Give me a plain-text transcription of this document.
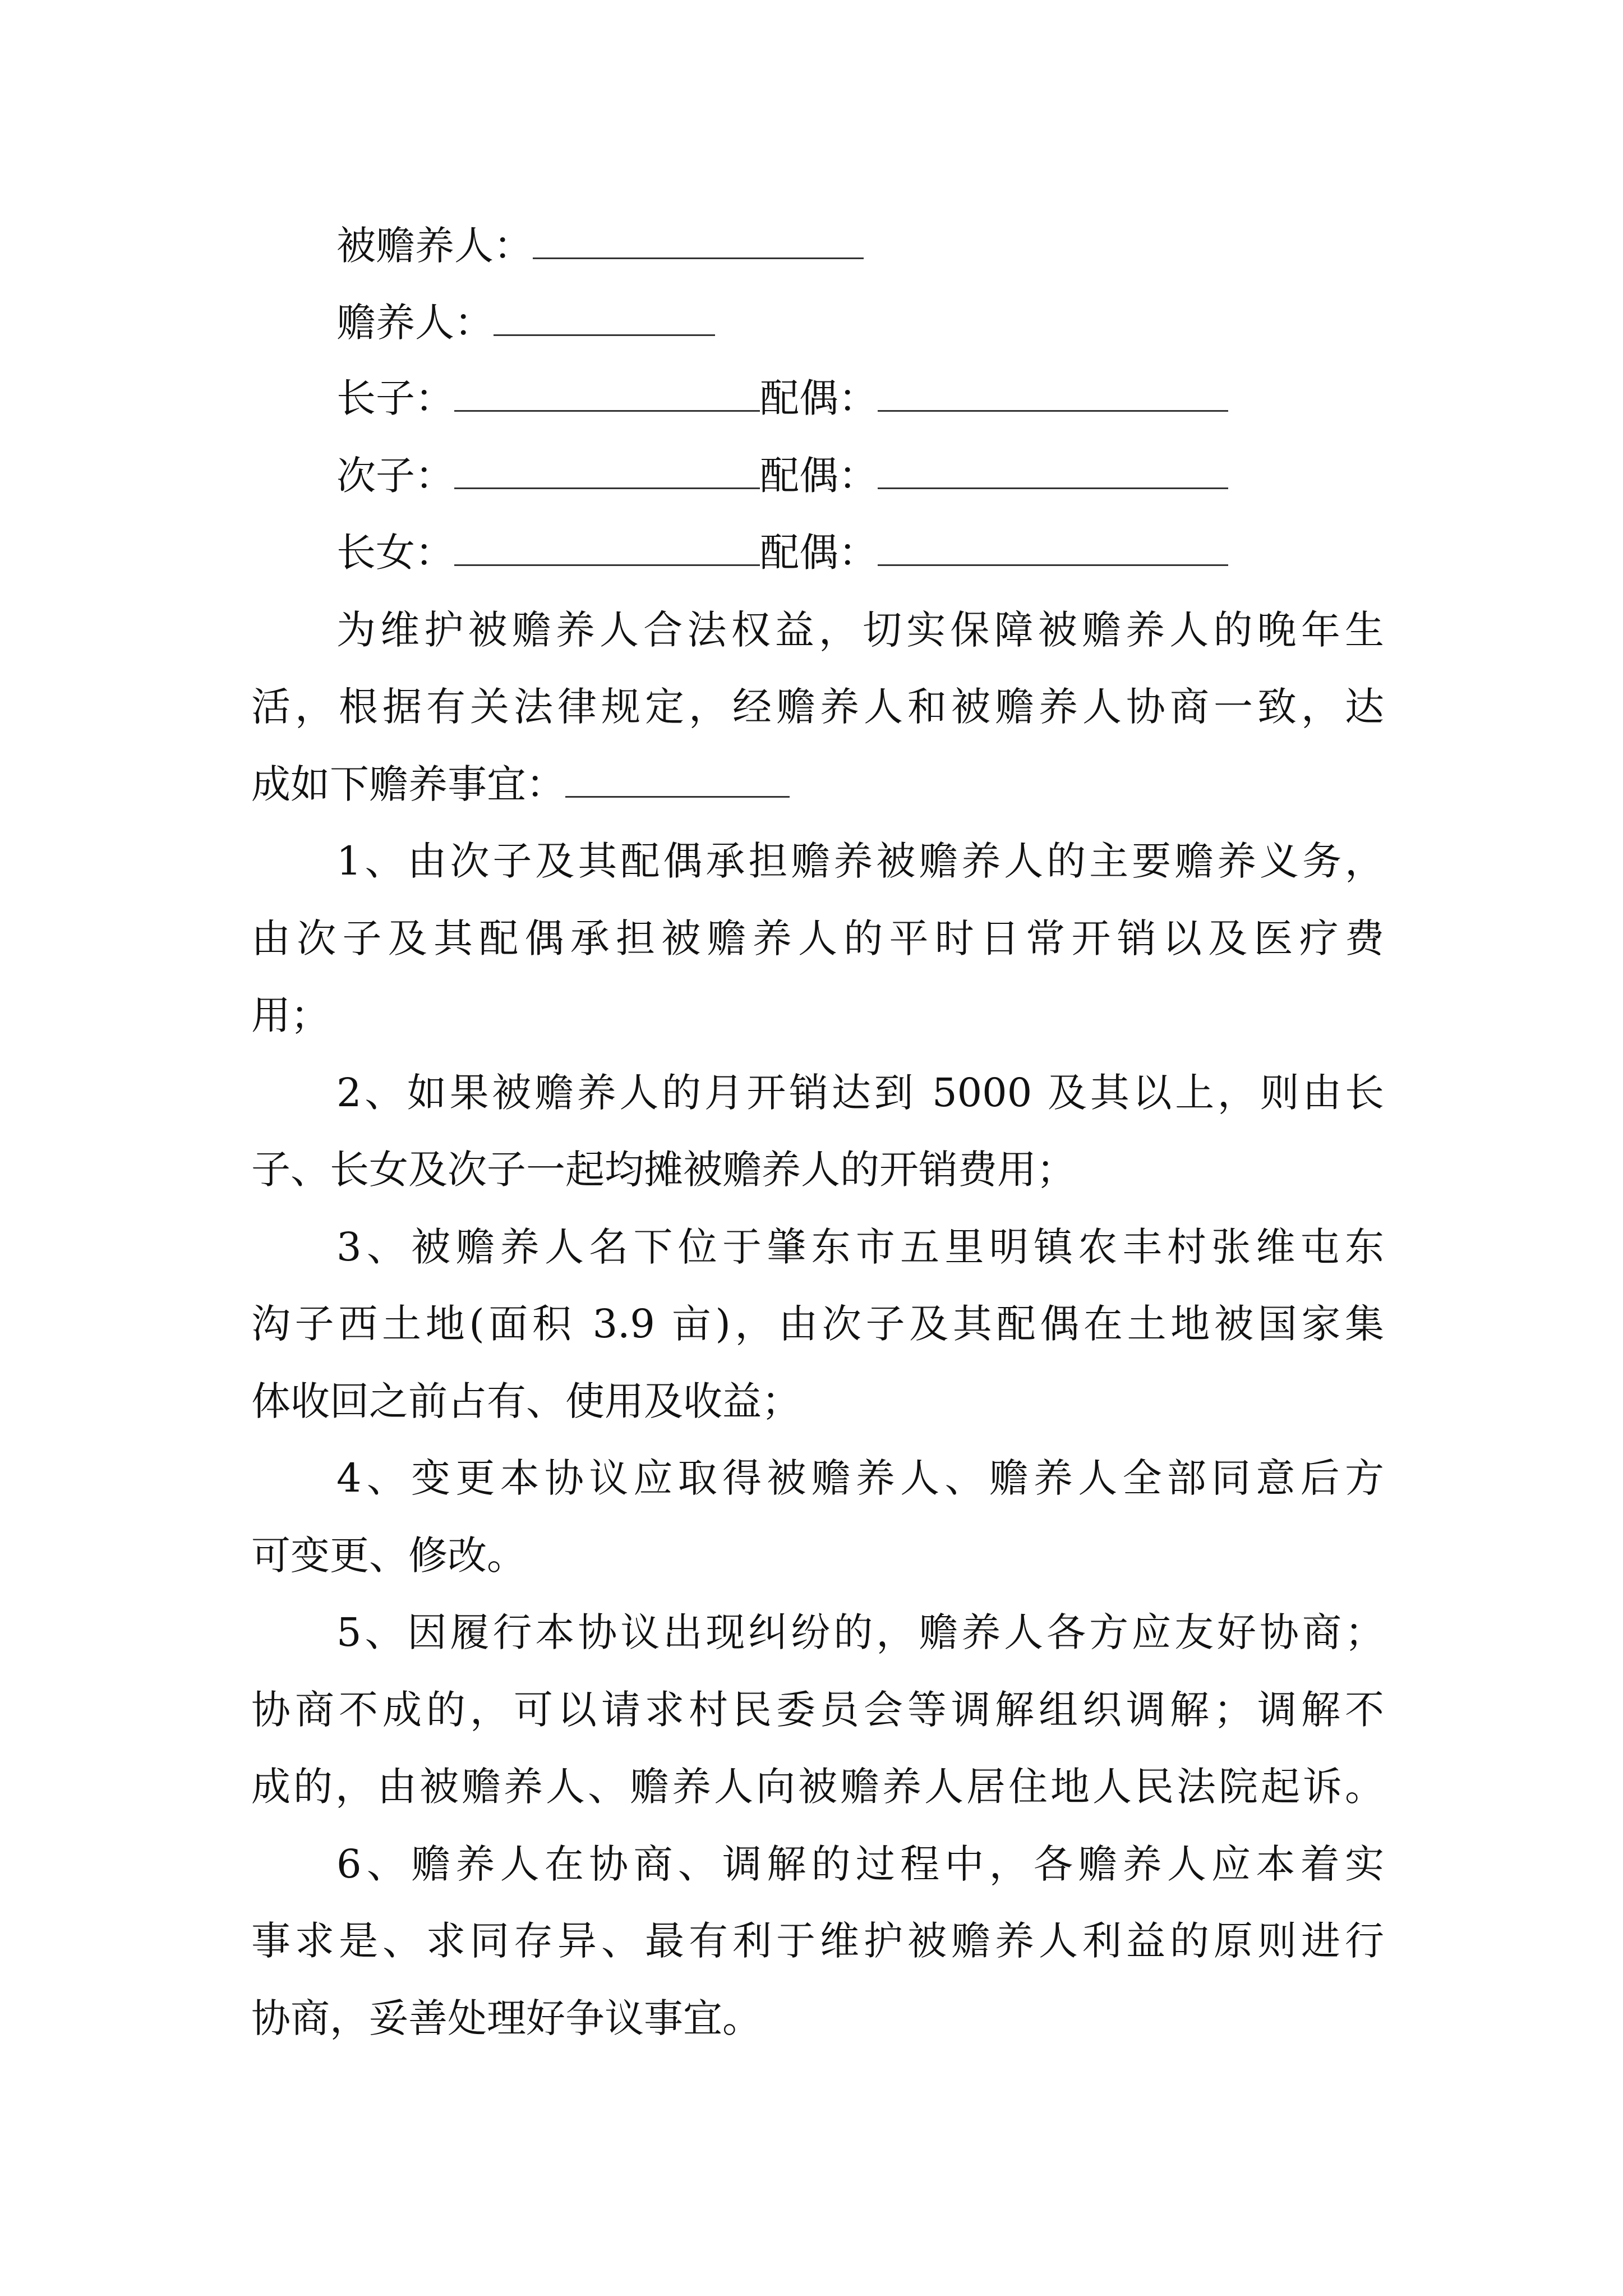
被赡养人：
赡养人：
长子：	配偶：
次子：	配偶：
长女：	配偶：
为维护被赡养人合法权益，切实保障被赡养人的晚年生
活，根据有关法律规定，经赡养人和被赡养人协商一致，达
成如下赡养事宜：
1、由次子及其配偶承担赡养被赡养人的主要赡养义务，
由次子及其配偶承担被赡养人的平时日常开销以及医疗费
用；
2、如果被赡养人的月开销达到 5000 及其以上，则由长
子、长女及次子一起均摊被赡养人的开销费用；
3、被赡养人名下位于肇东市五里明镇农丰村张维屯东
沟子西土地(面积 3.9 亩)，由次子及其配偶在土地被国家集
体收回之前占有、使用及收益；
4、变更本协议应取得被赡养人、赡养人全部同意后方
可变更、修改。
5、因履行本协议出现纠纷的，赡养人各方应友好协商；
协商不成的，可以请求村民委员会等调解组织调解；调解不
成的，由被赡养人、赡养人向被赡养人居住地人民法院起诉。
6、赡养人在协商、调解的过程中，各赡养人应本着实
事求是、求同存异、最有利于维护被赡养人利益的原则进行
协商，妥善处理好争议事宜。
